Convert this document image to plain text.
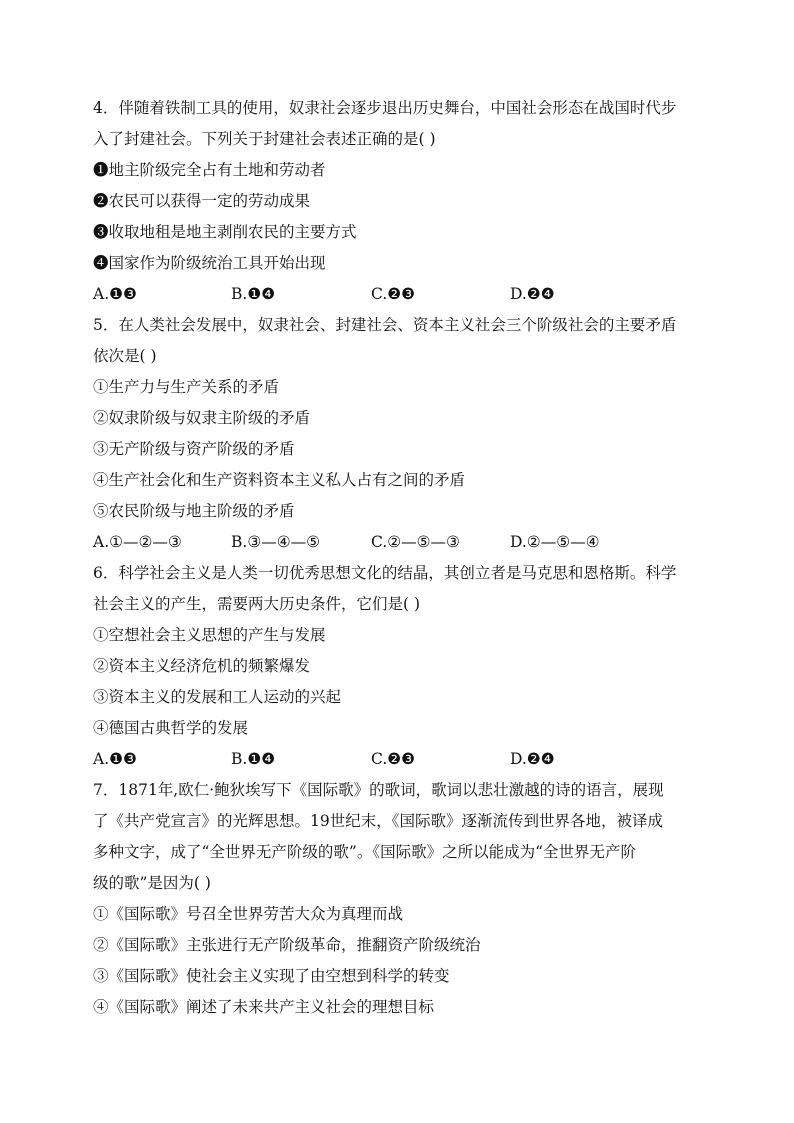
4．伴随着铁制工具的使用，奴隶社会逐步退出历史舞台，中国社会形态在战国时代步
入了封建社会。下列关于封建社会表述正确的是( )
❶地主阶级完全占有土地和劳动者
❷农民可以获得一定的劳动成果
❸收取地租是地主剥削农民的主要方式
❹国家作为阶级统治工具开始出现
A.❶❸	B.❶❹	C.❷❸	D.❷❹
5．在人类社会发展中，奴隶社会、封建社会、资本主义社会三个阶级社会的主要矛盾
依次是( )
①生产力与生产关系的矛盾
②奴隶阶级与奴隶主阶级的矛盾
③无产阶级与资产阶级的矛盾
④生产社会化和生产资料资本主义私人占有之间的矛盾
⑤农民阶级与地主阶级的矛盾
A.①—②—③	B.③—④—⑤	C.②—⑤—③	D.②—⑤—④
6．科学社会主义是人类一切优秀思想文化的结晶，其创立者是马克思和恩格斯。科学
社会主义的产生，需要两大历史条件，它们是( )
①空想社会主义思想的产生与发展
②资本主义经济危机的频繁爆发
③资本主义的发展和工人运动的兴起
④德国古典哲学的发展
A.❶❸	B.❶❹	C.❷❸	D.❷❹
7．1871年,欧仁·鲍狄埃写下《国际歌》的歌词，歌词以悲壮激越的诗的语言，展现
了《共产党宣言》的光辉思想。19世纪末，《国际歌》逐渐流传到世界各地，被译成
多种文字，成了“全世界无产阶级的歌”。《国际歌》之所以能成为“全世界无产阶
级的歌”是因为( )
①《国际歌》号召全世界劳苦大众为真理而战
②《国际歌》主张进行无产阶级革命，推翻资产阶级统治
③《国际歌》使社会主义实现了由空想到科学的转变
④《国际歌》阐述了未来共产主义社会的理想目标
